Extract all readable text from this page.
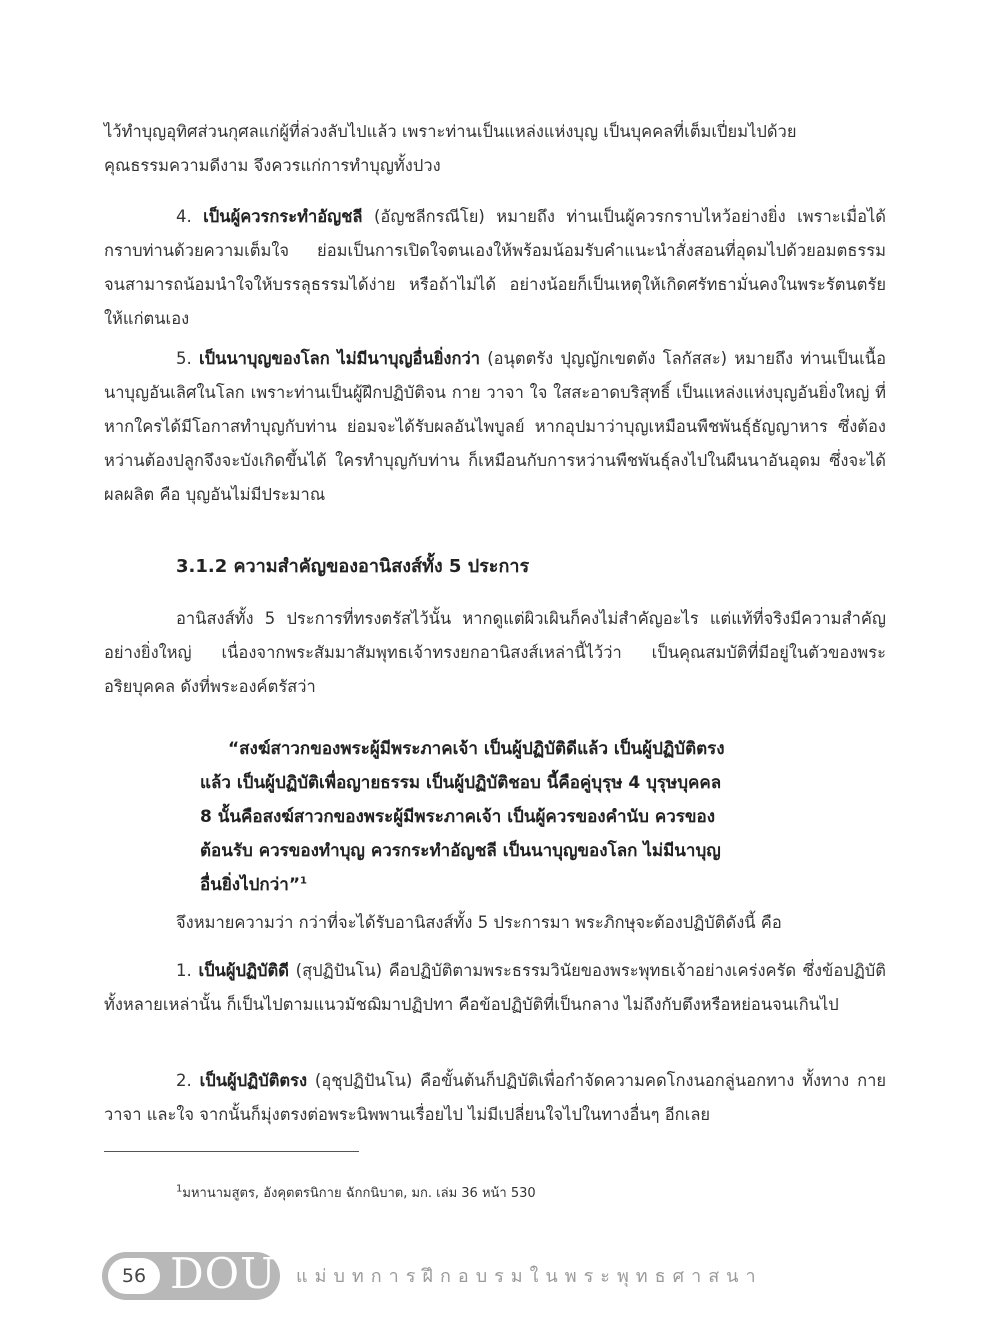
ไว้ทำบุญอุทิศส่วนกุศลแก่ผู้ที่ล่วงลับไปแล้ว เพราะท่านเป็นแหล่งแห่งบุญ เป็นบุคคลที่เต็มเปี่ยมไปด้วย
คุณธรรมความดีงาม จึงควรแก่การทำบุญทั้งปวง

4. เป็นผู้ควรกระทำอัญชลี (อัญชลีกรณีโย) หมายถึง ท่านเป็นผู้ควรกราบไหว้อย่างยิ่ง เพราะเมื่อได้กราบท่านด้วยความเต็มใจ ย่อมเป็นการเปิดใจตนเองให้พร้อมน้อมรับคำแนะนำสั่งสอนที่อุดมไปด้วยอมตธรรม จนสามารถน้อมนำใจให้บรรลุธรรมได้ง่าย หรือถ้าไม่ได้ อย่างน้อยก็เป็นเหตุให้เกิดศรัทธามั่นคงในพระรัตนตรัยให้แก่ตนเอง

5. เป็นนาบุญของโลก ไม่มีนาบุญอื่นยิ่งกว่า (อนุตตรัง ปุญญักเขตตัง โลกัสสะ) หมายถึง ท่านเป็นเนื้อนาบุญอันเลิศในโลก เพราะท่านเป็นผู้ฝึกปฏิบัติจน กาย วาจา ใจ ใสสะอาดบริสุทธิ์ เป็นแหล่งแห่งบุญอันยิ่งใหญ่ ที่หากใครได้มีโอกาสทำบุญกับท่าน ย่อมจะได้รับผลอันไพบูลย์ หากอุปมาว่าบุญเหมือนพืชพันธุ์ธัญญาหาร ซึ่งต้องหว่านต้องปลูกจึงจะบังเกิดขึ้นได้ ใครทำบุญกับท่าน ก็เหมือนกับการหว่านพืชพันธุ์ลงไปในผืนนาอันอุดม ซึ่งจะได้ผลผลิต คือ บุญอันไม่มีประมาณ

3.1.2 ความสำคัญของอานิสงส์ทั้ง 5 ประการ

อานิสงส์ทั้ง 5 ประการที่ทรงตรัสไว้นั้น หากดูแต่ผิวเผินก็คงไม่สำคัญอะไร แต่แท้ที่จริงมีความสำคัญอย่างยิ่งใหญ่ เนื่องจากพระสัมมาสัมพุทธเจ้าทรงยกอานิสงส์เหล่านี้ไว้ว่า เป็นคุณสมบัติที่มีอยู่ในตัวของพระอริยบุคคล ดังที่พระองค์ตรัสว่า

“สงฆ์สาวกของพระผู้มีพระภาคเจ้า เป็นผู้ปฏิบัติดีแล้ว เป็นผู้ปฏิบัติตรง
แล้ว เป็นผู้ปฏิบัติเพื่อญายธรรม เป็นผู้ปฏิบัติชอบ นี้คือคู่บุรุษ 4 บุรุษบุคคล
8 นั้นคือสงฆ์สาวกของพระผู้มีพระภาคเจ้า เป็นผู้ควรของคำนับ ควรของ
ต้อนรับ ควรของทำบุญ ควรกระทำอัญชลี เป็นนาบุญของโลก ไม่มีนาบุญ
อื่นยิ่งไปกว่า”$^1$

จึงหมายความว่า กว่าที่จะได้รับอานิสงส์ทั้ง 5 ประการมา พระภิกษุจะต้องปฏิบัติดังนี้ คือ

1. เป็นผู้ปฏิบัติดี (สุปฏิปันโน) คือปฏิบัติตามพระธรรมวินัยของพระพุทธเจ้าอย่างเคร่งครัด ซึ่งข้อปฏิบัติทั้งหลายเหล่านั้น ก็เป็นไปตามแนวมัชฌิมาปฏิปทา คือข้อปฏิบัติที่เป็นกลาง ไม่ถึงกับตึงหรือหย่อนจนเกินไป

2. เป็นผู้ปฏิบัติตรง (อุชุปฏิปันโน) คือขั้นต้นก็ปฏิบัติเพื่อกำจัดความคดโกงนอกลู่นอกทาง ทั้งทาง กาย วาจา และใจ จากนั้นก็มุ่งตรงต่อพระนิพพานเรื่อยไป ไม่มีเปลี่ยนใจไปในทางอื่นๆ อีกเลย

$^1$มหานามสูตร, อังคุตตรนิกาย ฉักกนิบาต, มก. เล่ม 36 หน้า 530

56 DOU แม่บทการฝึกอบรมในพระพุทธศาสนา
